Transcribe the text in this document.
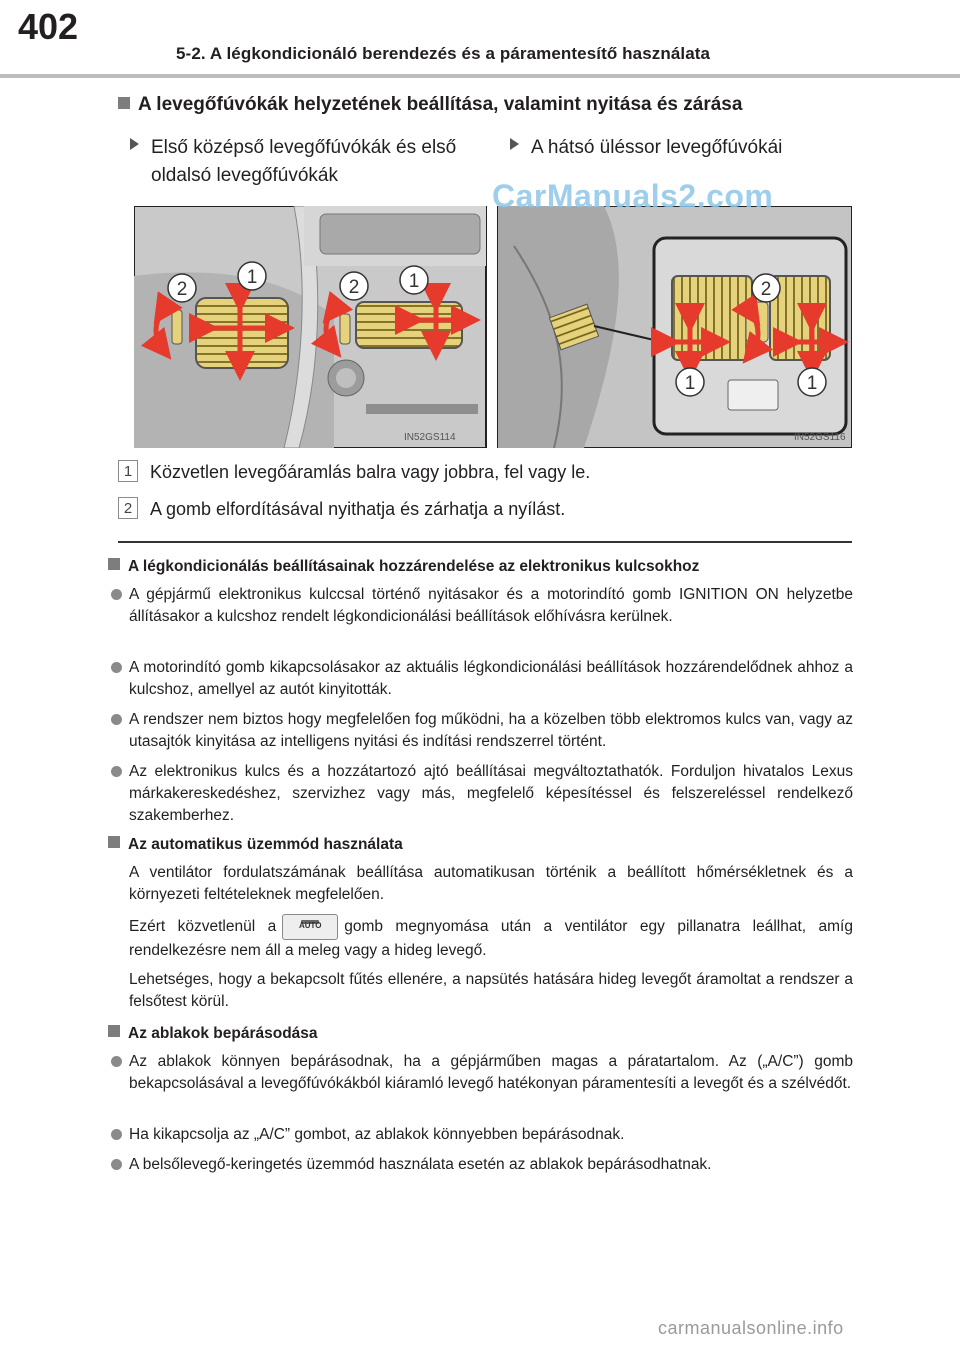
402
5-2. A légkondicionáló berendezés és a páramentesítő használata
A levegőfúvókák helyzetének beállítása, valamint nyitása és zárása
Első középső levegőfúvókák és első
oldalsó levegőfúvókák
A hátsó üléssor levegőfúvókái
2
1	2	1
IN52GS114
2
1	1
IN52GS116
CarManuals2.com
1 Közvetlen levegőáramlás balra vagy jobbra, fel vagy le.
2 A gomb elfordításával nyithatja és zárhatja a nyílást.
A légkondicionálás beállításainak hozzárendelése az elektronikus kulcsokhoz
A gépjármű elektronikus kulccsal történő nyitásakor és a motorindító gomb IGNITION ON helyzetbe állításakor a kulcshoz rendelt légkondicionálási beállítások előhívásra kerülnek.
A motorindító gomb kikapcsolásakor az aktuális légkondicionálási beállítások hozzárendelődnek ahhoz a kulcshoz, amellyel az autót kinyitották.
A rendszer nem biztos hogy megfelelően fog működni, ha a közelben több elektromos kulcs van, vagy az utasajtók kinyitása az intelligens nyitási és indítási rendszerrel történt.
Az elektronikus kulcs és a hozzátartozó ajtó beállításai megváltoztathatók. Forduljon hivatalos Lexus márkakereskedéshez, szervizhez vagy más, megfelelő képesítéssel és felszereléssel rendelkező szakemberhez.
Az automatikus üzemmód használata
A ventilátor fordulatszámának beállítása automatikusan történik a beállított hőmérsékletnek és a környezeti feltételeknek megfelelően.
Ezért közvetlenül a	AUTO	gomb megnyomása után a ventilátor egy pillanatra leállhat, amíg rendelkezésre nem áll a meleg vagy a hideg levegő.
Lehetséges, hogy a bekapcsolt fűtés ellenére, a napsütés hatására hideg levegőt áramoltat a rendszer a felsőtest körül.
Az ablakok bepárásodása
Az ablakok könnyen bepárásodnak, ha a gépjárműben magas a páratartalom. Az („A/C”) gomb bekapcsolásával a levegőfúvókákból kiáramló levegő hatékonyan páramentesíti a levegőt és a szélvédőt.
Ha kikapcsolja az „A/C” gombot, az ablakok könnyebben bepárásodnak.
A belsőlevegő-keringetés üzemmód használata esetén az ablakok bepárásodhatnak.
carmanualsonline.info
